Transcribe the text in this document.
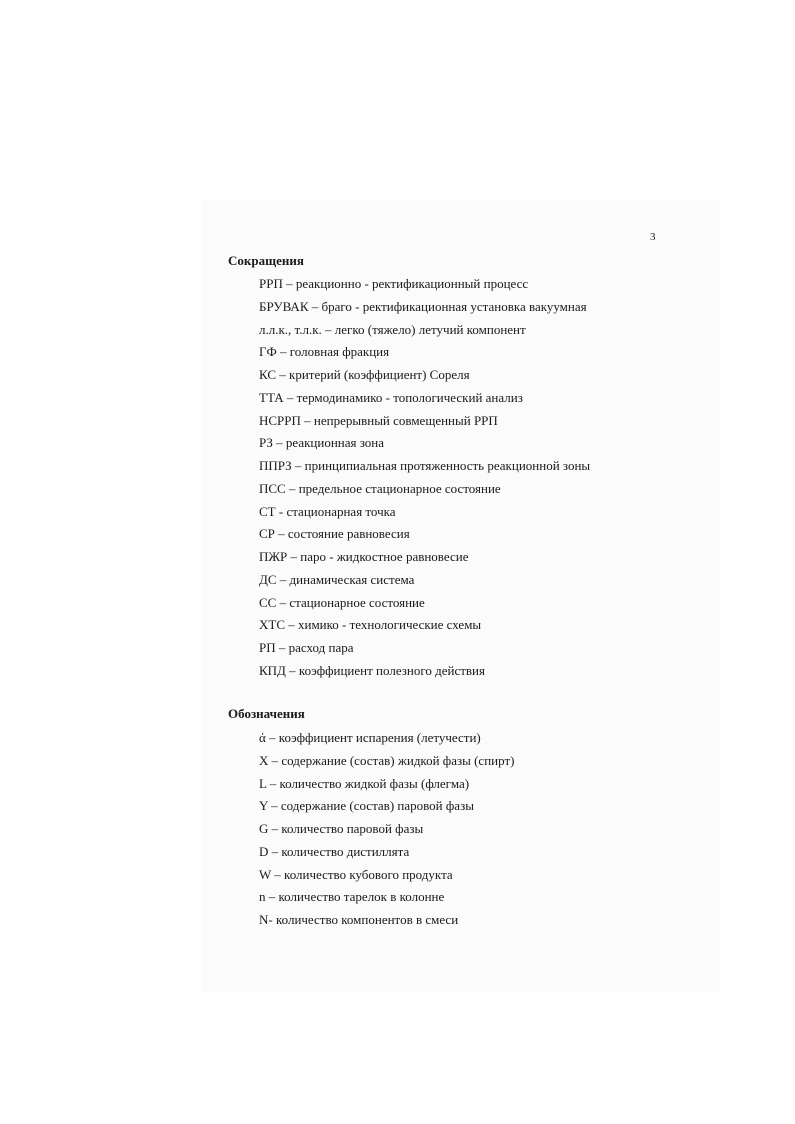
3
Сокращения
РРП – реакционно - ректификационный процесс
БРУВАК – браго - ректификационная установка вакуумная
л.л.к., т.л.к. – легко (тяжело) летучий компонент
ГФ – головная фракция
КС – критерий (коэффициент) Сореля
ТТА – термодинамико - топологический анализ
НСРРП – непрерывный совмещенный РРП
РЗ – реакционная зона
ППРЗ – принципиальная протяженность реакционной зоны
ПСС – предельное стационарное состояние
СТ - стационарная точка
СР – состояние равновесия
ПЖР – паро - жидкостное равновесие
ДС – динамическая система
СС – стационарное состояние
ХТС – химико - технологические схемы
РП – расход пара
КПД – коэффициент полезного действия
Обозначения
ά – коэффициент испарения (летучести)
X – содержание (состав) жидкой фазы (спирт)
L – количество жидкой фазы (флегма)
Y – содержание (состав) паровой фазы
G – количество паровой фазы
D – количество дистиллята
W – количество кубового продукта
n – количество тарелок в колонне
N- количество компонентов в смеси
